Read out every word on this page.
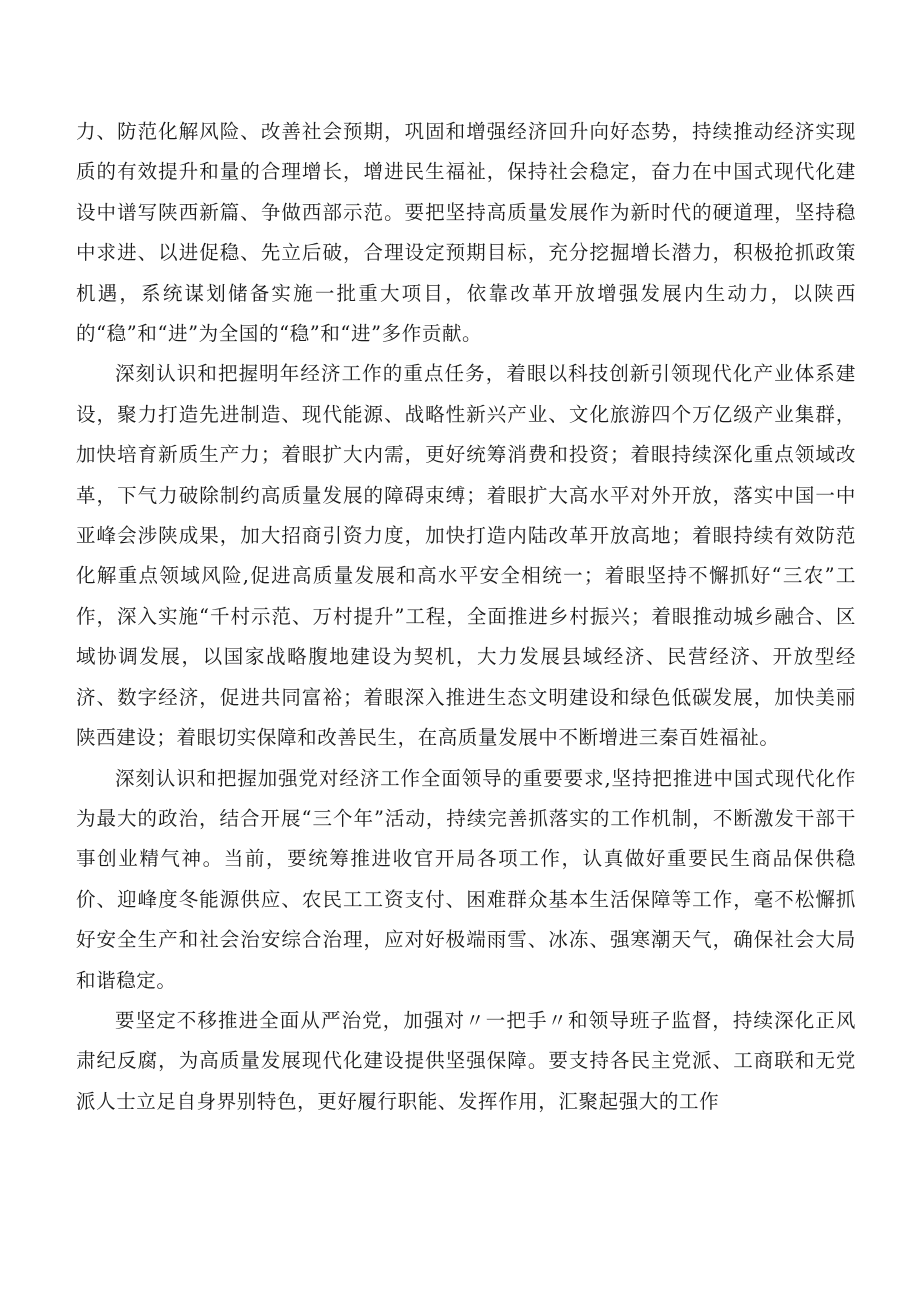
力、防范化解风险、改善社会预期，巩固和增强经济回升向好态势，持续推动经济实现质的有效提升和量的合理增长，增进民生福祉，保持社会稳定，奋力在中国式现代化建设中谱写陕西新篇、争做西部示范。要把坚持高质量发展作为新时代的硬道理，坚持稳中求进、以进促稳、先立后破，合理设定预期目标，充分挖掘增长潜力，积极抢抓政策机遇，系统谋划储备实施一批重大项目，依靠改革开放增强发展内生动力，以陕西的“稳”和“进”为全国的“稳”和“进”多作贡献。

深刻认识和把握明年经济工作的重点任务，着眼以科技创新引领现代化产业体系建设，聚力打造先进制造、现代能源、战略性新兴产业、文化旅游四个万亿级产业集群，加快培育新质生产力；着眼扩大内需，更好统筹消费和投资；着眼持续深化重点领域改革，下气力破除制约高质量发展的障碍束缚；着眼扩大高水平对外开放，落实中国一中亚峰会涉陕成果，加大招商引资力度，加快打造内陆改革开放高地；着眼持续有效防范化解重点领域风险,促进高质量发展和高水平安全相统一；着眼坚持不懈抓好“三农”工作，深入实施“千村示范、万村提升”工程，全面推进乡村振兴；着眼推动城乡融合、区域协调发展，以国家战略腹地建设为契机，大力发展县域经济、民营经济、开放型经济、数字经济，促进共同富裕；着眼深入推进生态文明建设和绿色低碳发展，加快美丽陕西建设；着眼切实保障和改善民生，在高质量发展中不断增进三秦百姓福祉。

深刻认识和把握加强党对经济工作全面领导的重要要求,坚持把推进中国式现代化作为最大的政治，结合开展“三个年”活动，持续完善抓落实的工作机制，不断激发干部干事创业精气神。当前，要统筹推进收官开局各项工作，认真做好重要民生商品保供稳价、迎峰度冬能源供应、农民工工资支付、困难群众基本生活保障等工作，毫不松懈抓好安全生产和社会治安综合治理，应对好极端雨雪、冰冻、强寒潮天气，确保社会大局和谐稳定。

要坚定不移推进全面从严治党，加强对〃一把手〃和领导班子监督，持续深化正风肃纪反腐，为高质量发展现代化建设提供坚强保障。要支持各民主党派、工商联和无党派人士立足自身界别特色，更好履行职能、发挥作用，汇聚起强大的工作
